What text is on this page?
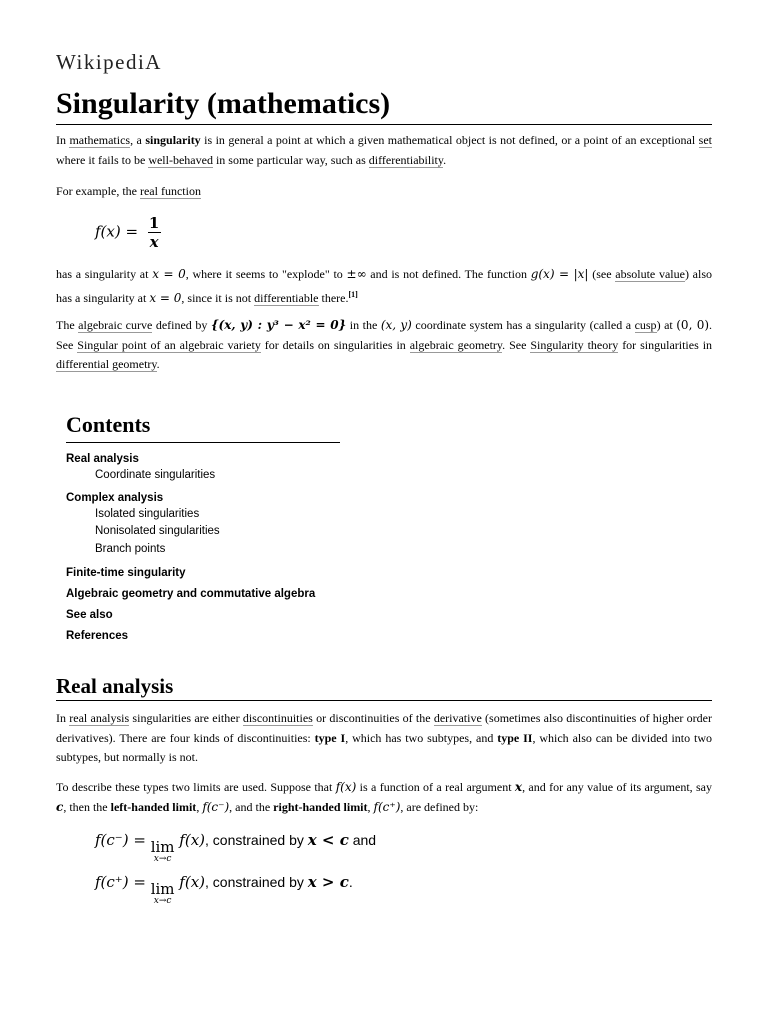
WikipediA
Singularity (mathematics)

In mathematics, a singularity is in general a point at which a given mathematical object is not defined, or a point of an exceptional set where it fails to be well-behaved in some particular way, such as differentiability.

For example, the real function

$f(x) = \frac{1}{x}$

has a singularity at x = 0, where it seems to "explode" to ±∞ and is not defined. The function g(x) = |x| (see absolute value) also has a singularity at x = 0, since it is not differentiable there.[1]

The algebraic curve defined by {(x, y) : y³ − x² = 0} in the (x, y) coordinate system has a singularity (called a cusp) at (0, 0). See Singular point of an algebraic variety for details on singularities in algebraic geometry. See Singularity theory for singularities in differential geometry.

Contents
Real analysis
Coordinate singularities
Complex analysis
Isolated singularities
Nonisolated singularities
Branch points
Finite-time singularity
Algebraic geometry and commutative algebra
See also
References
Real analysis

In real analysis singularities are either discontinuities or discontinuities of the derivative (sometimes also discontinuities of higher order derivatives). There are four kinds of discontinuities: type I, which has two subtypes, and type II, which also can be divided into two subtypes, but normally is not.

To describe these types two limits are used. Suppose that f(x) is a function of a real argument x, and for any value of its argument, say c, then the left-handed limit, f(c⁻), and the right-handed limit, f(c⁺), are defined by:

f(c⁻) = lim
x→c
f(x), constrained by x < c and
f(c⁺) = lim
x→c
f(x), constrained by x > c.
